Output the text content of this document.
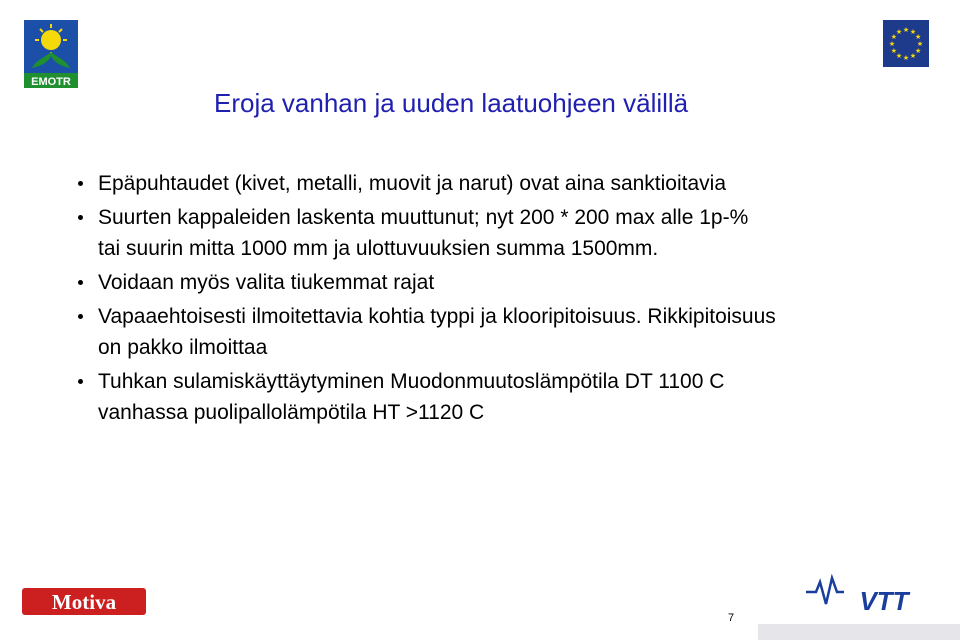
EMOTR
★ ★
★
★
★
★
★
★
★
★
★
★
Eroja vanhan ja uuden laatuohjeen välillä
Epäpuhtaudet (kivet, metalli, muovit ja narut) ovat aina sanktioitavia
Suurten kappaleiden laskenta muuttunut; nyt 200 * 200 max alle 1p-%
tai suurin mitta 1000 mm ja ulottuvuuksien summa 1500mm.
Voidaan myös valita tiukemmat rajat
Vapaaehtoisesti ilmoitettavia kohtia typpi ja klooripitoisuus. Rikkipitoisuus
on pakko ilmoittaa
Tuhkan sulamiskäyttäytyminen Muodonmuutoslämpötila DT 1100 C
vanhassa puolipallolämpötila HT >1120 C
Motiva	VTT
7
